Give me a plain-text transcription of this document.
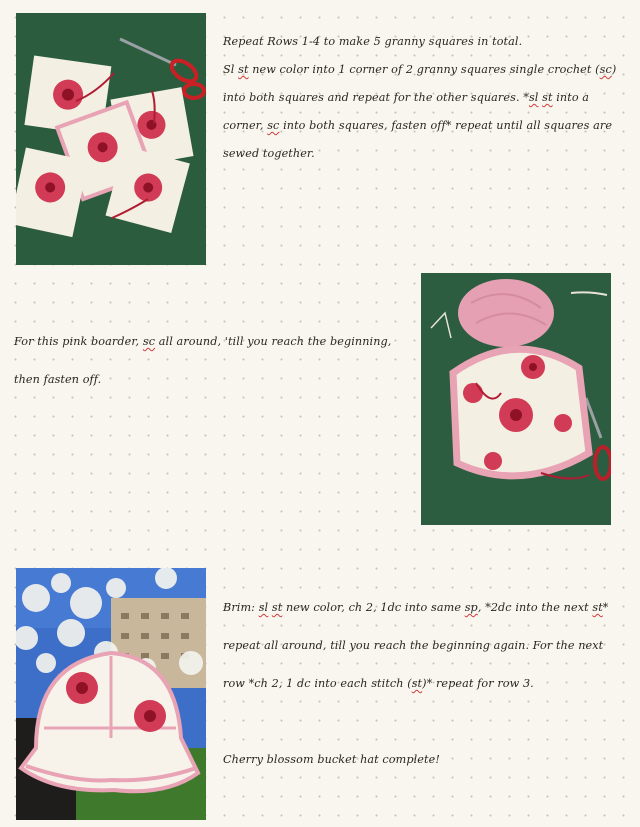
Repeat Rows 1-4 to make 5 granny squares in total.

Sl st new color into 1 corner of 2 granny squares single crochet (sc)

into both squares and repeat for the other squares. *sl st into a

corner, sc into both squares, fasten off* repeat until all squares are

sewed together.

For this pink boarder, sc all around, 'till you reach the beginning,

then fasten off.

Brim: sl st new color, ch 2, 1dc into same sp, *2dc into the next st*

repeat all around, till you reach the beginning again. For the next

row *ch 2, 1 dc into each stitch (st)* repeat for row 3.

Cherry blossom bucket hat complete!
